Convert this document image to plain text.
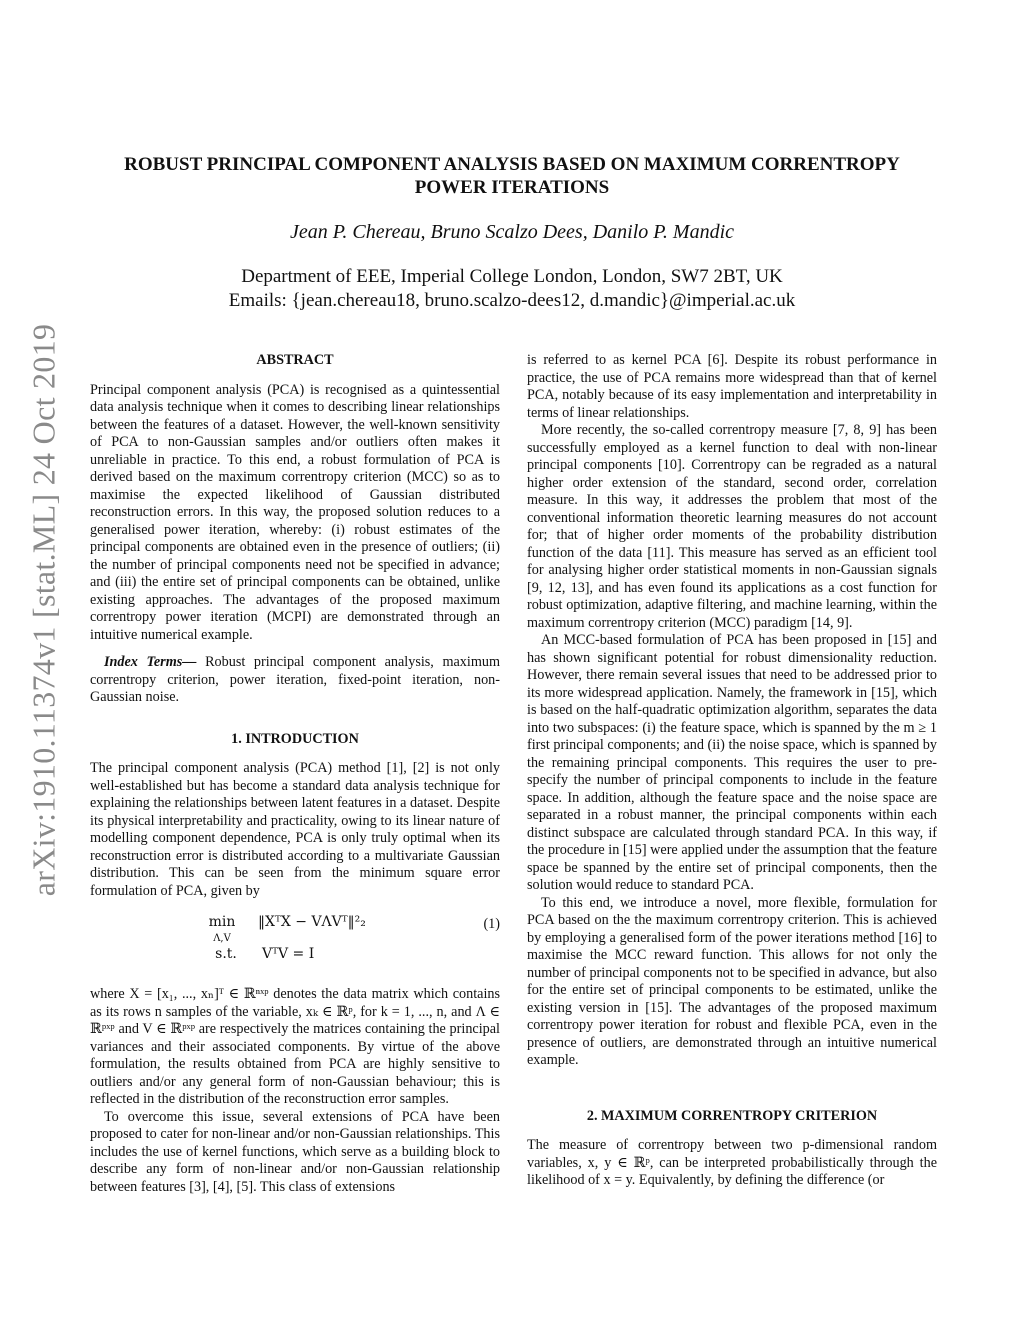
arXiv:1910.11374v1 [stat.ML] 24 Oct 2019
ROBUST PRINCIPAL COMPONENT ANALYSIS BASED ON MAXIMUM CORRENTROPY
POWER ITERATIONS
Jean P. Chereau, Bruno Scalzo Dees, Danilo P. Mandic
Department of EEE, Imperial College London, London, SW7 2BT, UK
Emails: {jean.chereau18, bruno.scalzo-dees12, d.mandic}@imperial.ac.uk
ABSTRACT

Principal component analysis (PCA) is recognised as a quintessential data analysis technique when it comes to describing linear relationships between the features of a dataset. However, the well-known sensitivity of PCA to non-Gaussian samples and/or outliers often makes it unreliable in practice. To this end, a robust formulation of PCA is derived based on the maximum correntropy criterion (MCC) so as to maximise the expected likelihood of Gaussian distributed reconstruction errors. In this way, the proposed solution reduces to a generalised power iteration, whereby: (i) robust estimates of the principal components are obtained even in the presence of outliers; (ii) the number of principal components need not be specified in advance; and (iii) the entire set of principal components can be obtained, unlike existing approaches. The advantages of the proposed maximum correntropy power iteration (MCPI) are demonstrated through an intuitive numerical example.

Index Terms— Robust principal component analysis, maximum correntropy criterion, power iteration, fixed-point iteration, non-Gaussian noise.

1. INTRODUCTION

The principal component analysis (PCA) method [1], [2] is not only well-established but has become a standard data analysis technique for explaining the relationships between latent features in a dataset. Despite its physical interpretability and practicality, owing to its linear nature of modelling component dependence, PCA is only truly optimal when its reconstruction error is distributed according to a multivariate Gaussian distribution. This can be seen from the minimum square error formulation of PCA, given by

min
Λ,V
‖XᵀX − VΛVᵀ‖²₂
s.t. VᵀV = I
(1)

where X = [x₁, ..., xₙ]ᵀ ∈ ℝⁿˣᵖ denotes the data matrix which contains as its rows n samples of the variable, xₖ ∈ ℝᵖ, for k = 1, ..., n, and Λ ∈ ℝᵖˣᵖ and V ∈ ℝᵖˣᵖ are respectively the matrices containing the principal variances and their associated components. By virtue of the above formulation, the results obtained from PCA are highly sensitive to outliers and/or any general form of non-Gaussian behaviour; this is reflected in the distribution of the reconstruction error samples.

To overcome this issue, several extensions of PCA have been proposed to cater for non-linear and/or non-Gaussian relationships. This includes the use of kernel functions, which serve as a building block to describe any form of non-linear and/or non-Gaussian relationship between features [3], [4], [5]. This class of extensions

is referred to as kernel PCA [6]. Despite its robust performance in practice, the use of PCA remains more widespread than that of kernel PCA, notably because of its easy implementation and interpretability in terms of linear relationships.

More recently, the so-called correntropy measure [7, 8, 9] has been successfully employed as a kernel function to deal with non-linear principal components [10]. Correntropy can be regraded as a natural higher order extension of the standard, second order, correlation measure. In this way, it addresses the problem that most of the conventional information theoretic learning measures do not account for; that of higher order moments of the probability distribution function of the data [11]. This measure has served as an efficient tool for analysing higher order statistical moments in non-Gaussian signals [9, 12, 13], and has even found its applications as a cost function for robust optimization, adaptive filtering, and machine learning, within the maximum correntropy criterion (MCC) paradigm [14, 9].

An MCC-based formulation of PCA has been proposed in [15] and has shown significant potential for robust dimensionality reduction. However, there remain several issues that need to be addressed prior to its more widespread application. Namely, the framework in [15], which is based on the half-quadratic optimization algorithm, separates the data into two subspaces: (i) the feature space, which is spanned by the m ≥ 1 first principal components; and (ii) the noise space, which is spanned by the remaining principal components. This requires the user to pre-specify the number of principal components to include in the feature space. In addition, although the feature space and the noise space are separated in a robust manner, the principal components within each distinct subspace are calculated through standard PCA. In this way, if the procedure in [15] were applied under the assumption that the feature space be spanned by the entire set of principal components, then the solution would reduce to standard PCA.

To this end, we introduce a novel, more flexible, formulation for PCA based on the the maximum correntropy criterion. This is achieved by employing a generalised form of the power iterations method [16] to maximise the MCC reward function. This allows for not only the number of principal components not to be specified in advance, but also for the entire set of principal components to be estimated, unlike the existing version in [15]. The advantages of the proposed maximum correntropy power iteration for robust and flexible PCA, even in the presence of outliers, are demonstrated through an intuitive numerical example.

2. MAXIMUM CORRENTROPY CRITERION

The measure of correntropy between two p-dimensional random variables, x, y ∈ ℝᵖ, can be interpreted probabilistically through the likelihood of x = y. Equivalently, by defining the difference (or
